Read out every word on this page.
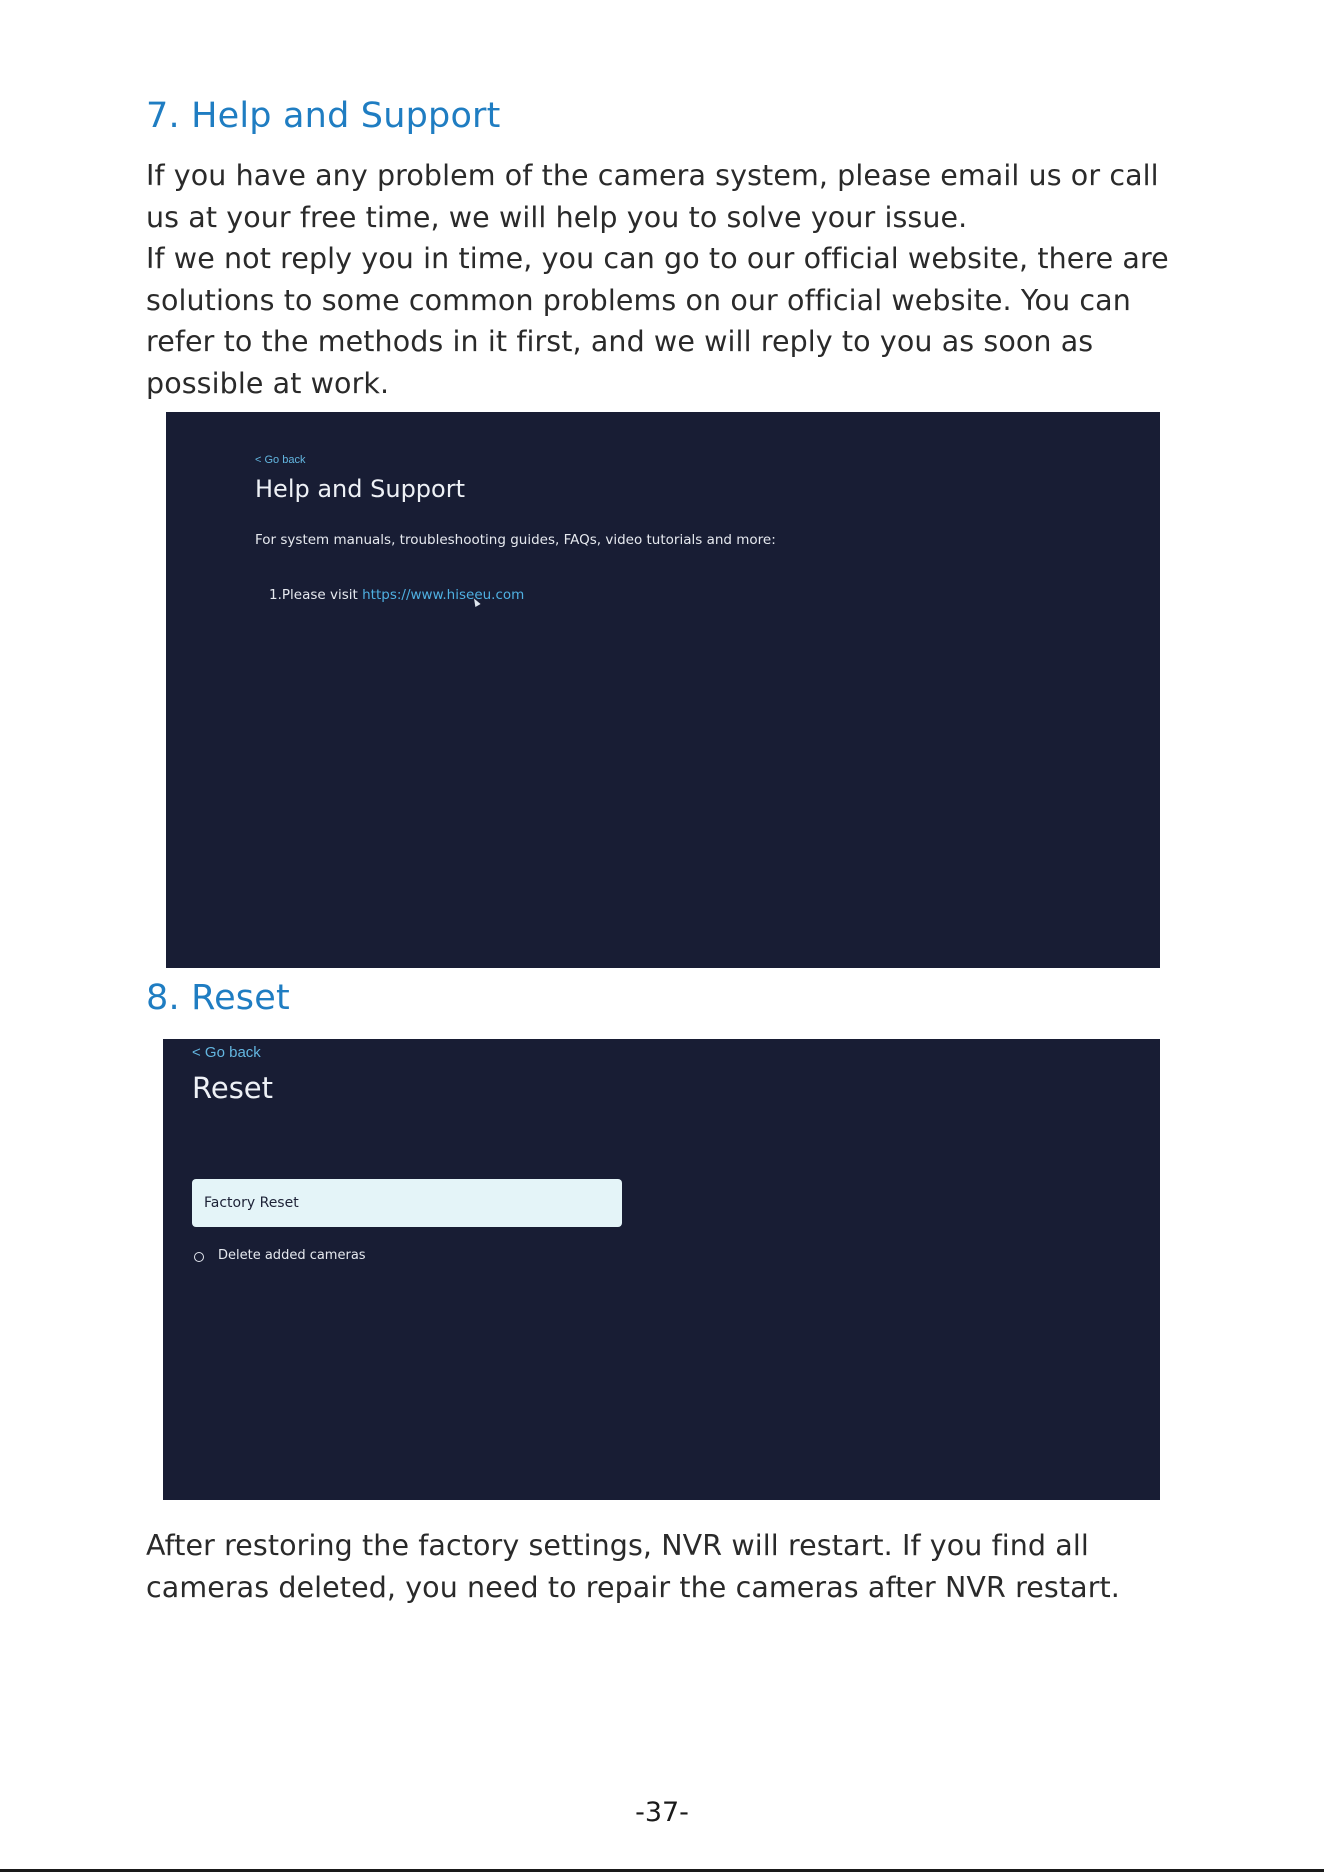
7. Help and Support

If you have any problem of the camera system, please email us or call us at your free time, we will help you to solve your issue.

If we not reply you in time, you can go to our official website, there are solutions to some common problems on our official website. You can refer to the methods in it first, and we will reply to you as soon as possible at work.

< Go back
Help and Support
For system manuals, troubleshooting guides, FAQs, video tutorials and more:
1.Please visit https://www.hiseeu.com
8. Reset
< Go back
Reset
Factory Reset
Delete added cameras

After restoring the factory settings, NVR will restart. If you find all cameras deleted, you need to repair the cameras after NVR restart.

-37-
